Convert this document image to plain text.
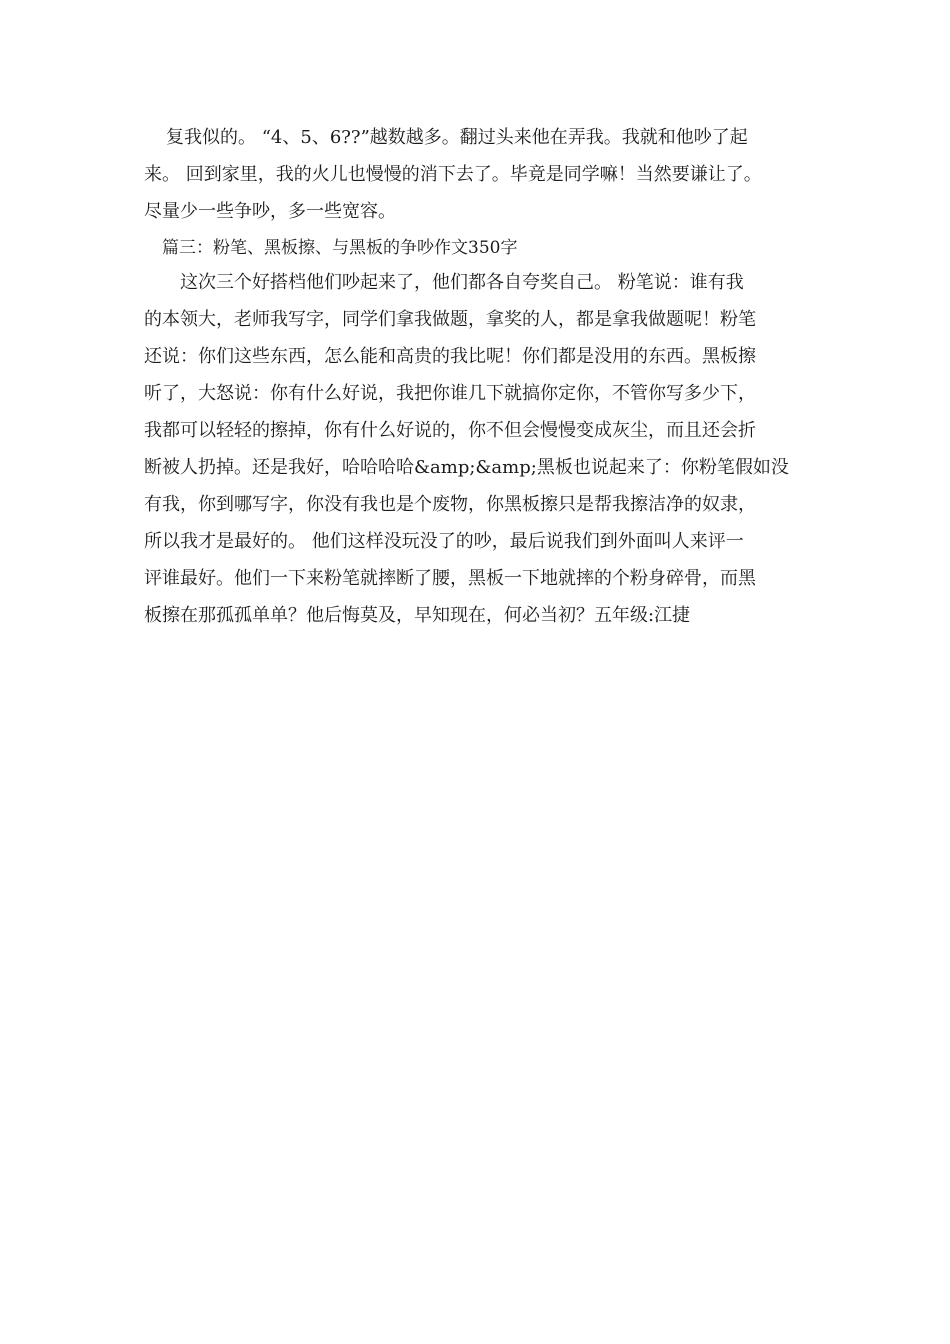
复我似的。 “4、5、6??”越数越多。翻过头来他在弄我。我就和他吵了起
来。 回到家里，我的火儿也慢慢的消下去了。毕竟是同学嘛！当然要谦让了。
尽量少一些争吵，多一些宽容。
篇三：粉笔、黑板擦、与黑板的争吵作文350字
这次三个好搭档他们吵起来了，他们都各自夸奖自己。 粉笔说：谁有我
的本领大，老师我写字，同学们拿我做题，拿奖的人，都是拿我做题呢！粉笔
还说：你们这些东西，怎么能和高贵的我比呢！你们都是没用的东西。黑板擦
听了，大怒说：你有什么好说，我把你谁几下就搞你定你，不管你写多少下，
我都可以轻轻的擦掉，你有什么好说的，你不但会慢慢变成灰尘，而且还会折
断被人扔掉。还是我好，哈哈哈哈&amp;&amp;黑板也说起来了：你粉笔假如没
有我，你到哪写字，你没有我也是个废物，你黑板擦只是帮我擦洁净的奴隶，
所以我才是最好的。 他们这样没玩没了的吵，最后说我们到外面叫人来评一
评谁最好。他们一下来粉笔就摔断了腰，黑板一下地就摔的个粉身碎骨，而黑
板擦在那孤孤单单？他后悔莫及，早知现在，何必当初？五年级:江捷
